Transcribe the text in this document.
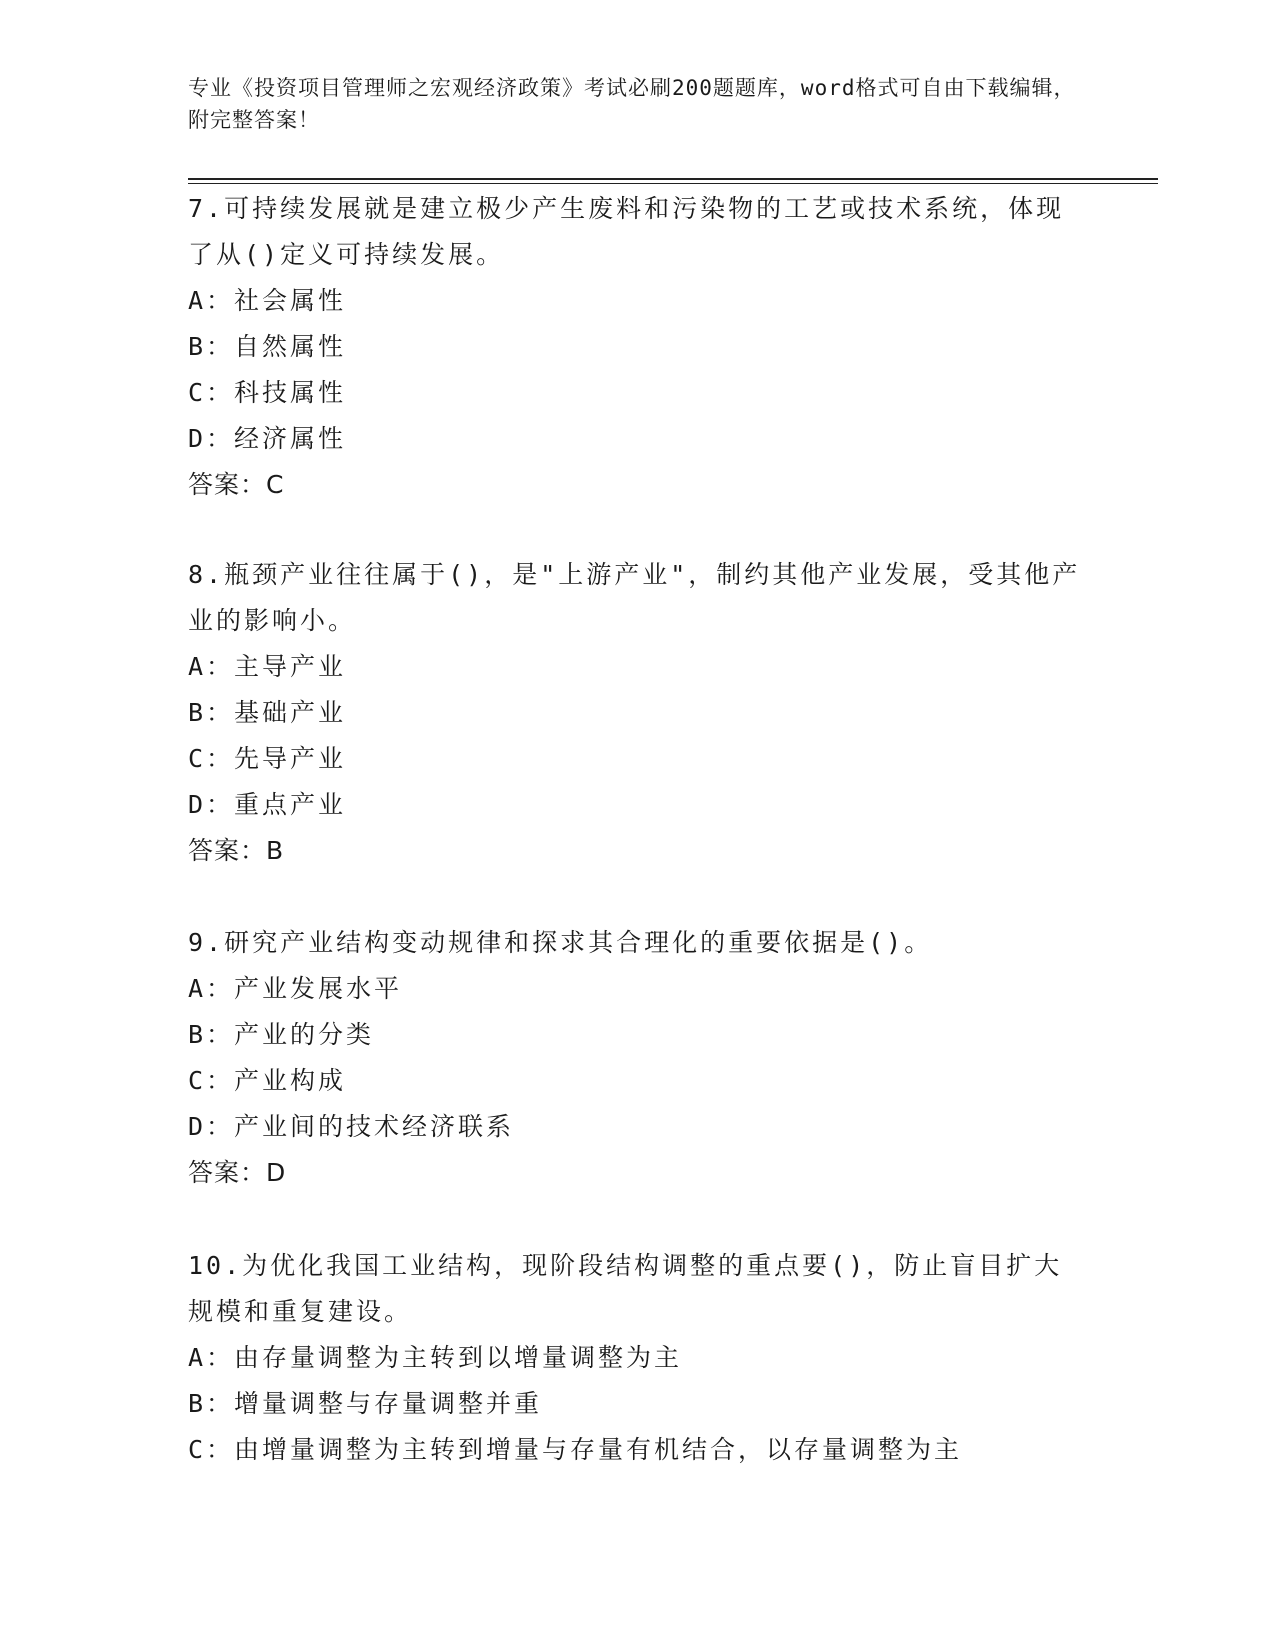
专业《投资项目管理师之宏观经济政策》考试必刷200题题库，word格式可自由下载编辑，附完整答案！

7.可持续发展就是建立极少产生废料和污染物的工艺或技术系统，体现了从()定义可持续发展。

A：社会属性

B：自然属性

C：科技属性

D：经济属性

答案：C

8.瓶颈产业往往属于()，是"上游产业"，制约其他产业发展，受其他产业的影响小。

A：主导产业

B：基础产业

C：先导产业

D：重点产业

答案：B

9.研究产业结构变动规律和探求其合理化的重要依据是()。

A：产业发展水平

B：产业的分类

C：产业构成

D：产业间的技术经济联系

答案：D

10.为优化我国工业结构，现阶段结构调整的重点要()，防止盲目扩大规模和重复建设。

A：由存量调整为主转到以增量调整为主

B：增量调整与存量调整并重

C：由增量调整为主转到增量与存量有机结合，以存量调整为主
